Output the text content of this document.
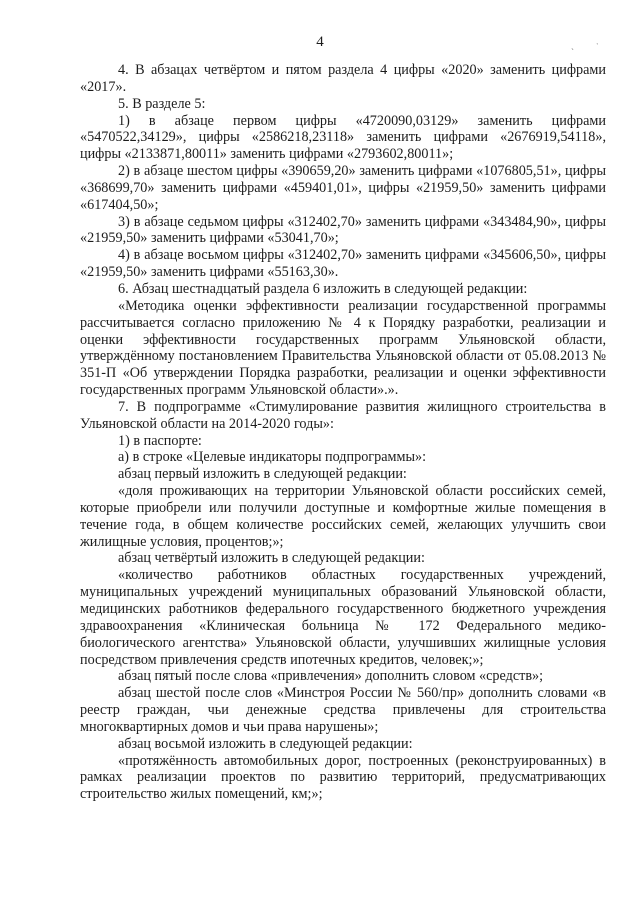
4	ˏ ˑ

4. В абзацах четвёртом и пятом раздела 4 цифры «2020» заменить цифрами «2017».

5. В разделе 5:

1) в абзаце первом цифры «4720090,03129» заменить цифрами «5470522,34129», цифры «2586218,23118» заменить цифрами «2676919,54118», цифры «2133871,80011» заменить цифрами «2793602,80011»;

2) в абзаце шестом цифры «390659,20» заменить цифрами «1076805,51», цифры «368699,70» заменить цифрами «459401,01», цифры «21959,50» заменить цифрами «617404,50»;

3) в абзаце седьмом цифры «312402,70» заменить цифрами «343484,90», цифры «21959,50» заменить цифрами «53041,70»;

4) в абзаце восьмом цифры «312402,70» заменить цифрами «345606,50», цифры «21959,50» заменить цифрами «55163,30».

6. Абзац шестнадцатый раздела 6 изложить в следующей редакции:

«Методика оценки эффективности реализации государственной программы рассчитывается согласно приложению № 4 к Порядку разработки, реализации и оценки эффективности государственных программ Ульяновской области, утверждённому постановлением Правительства Ульяновской области от 05.08.2013 № 351-П «Об утверждении Порядка разработки, реализации и оценки эффективности государственных программ Ульяновской области».».

7. В подпрограмме «Стимулирование развития жилищного строительства в Ульяновской области на 2014-2020 годы»:

1) в паспорте:

а) в строке «Целевые индикаторы подпрограммы»:

абзац первый изложить в следующей редакции:

«доля проживающих на территории Ульяновской области российских семей, которые приобрели или получили доступные и комфортные жилые помещения в течение года, в общем количестве российских семей, желающих улучшить свои жилищные условия, процентов;»;

абзац четвёртый изложить в следующей редакции:

«количество работников областных государственных учреждений, муниципальных учреждений муниципальных образований Ульяновской области, медицинских работников федерального государственного бюджетного учреждения здравоохранения «Клиническая больница № 172 Федерального медико-биологического агентства» Ульяновской области, улучшивших жилищные условия посредством привлечения средств ипотечных кредитов, человек;»;

абзац пятый после слова «привлечения» дополнить словом «средств»;

абзац шестой после слов «Минстроя России № 560/пр» дополнить словами «в реестр граждан, чьи денежные средства привлечены для строительства многоквартирных домов и чьи права нарушены»;

абзац восьмой изложить в следующей редакции:

«протяжённость автомобильных дорог, построенных (реконструированных) в рамках реализации проектов по развитию территорий, предусматривающих строительство жилых помещений, км;»;
